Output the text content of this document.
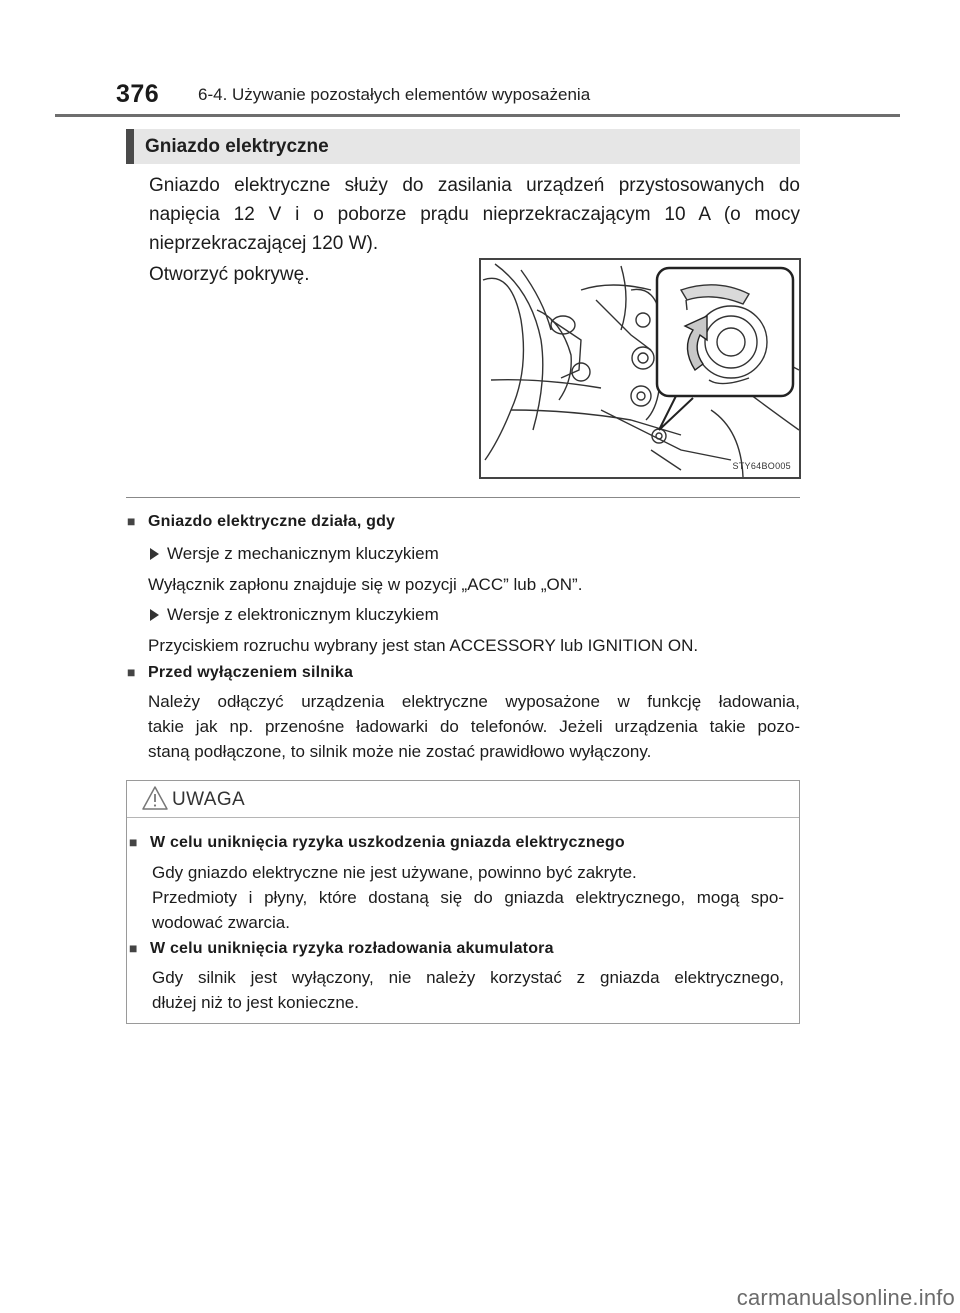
376 6-4. Używanie pozostałych elementów wyposażenia
Gniazdo elektryczne
Gniazdo elektryczne służy do zasilania urządzeń przystosowanych do
napięcia 12 V i o poborze prądu nieprzekraczającym 10 A (o mocy
nieprzekraczającej 120 W).
Otworzyć pokrywę.
STY64BO005
■ Gniazdo elektryczne działa, gdy
Wersje z mechanicznym kluczykiem
Wyłącznik zapłonu znajduje się w pozycji „ACC” lub „ON”.
Wersje z elektronicznym kluczykiem
Przyciskiem rozruchu wybrany jest stan ACCESSORY lub IGNITION ON.
■ Przed wyłączeniem silnika
Należy odłączyć urządzenia elektryczne wyposażone w funkcję ładowania,
takie jak np. przenośne ładowarki do telefonów. Jeżeli urządzenia takie pozo-
staną podłączone, to silnik może nie zostać prawidłowo wyłączony.
UWAGA
■ W celu uniknięcia ryzyka uszkodzenia gniazda elektrycznego
Gdy gniazdo elektryczne nie jest używane, powinno być zakryte.
Przedmioty i płyny, które dostaną się do gniazda elektrycznego, mogą spo-
wodować zwarcia.
■ W celu uniknięcia ryzyka rozładowania akumulatora
Gdy silnik jest wyłączony, nie należy korzystać z gniazda elektrycznego,
dłużej niż to jest konieczne.
carmanualsonline.info
